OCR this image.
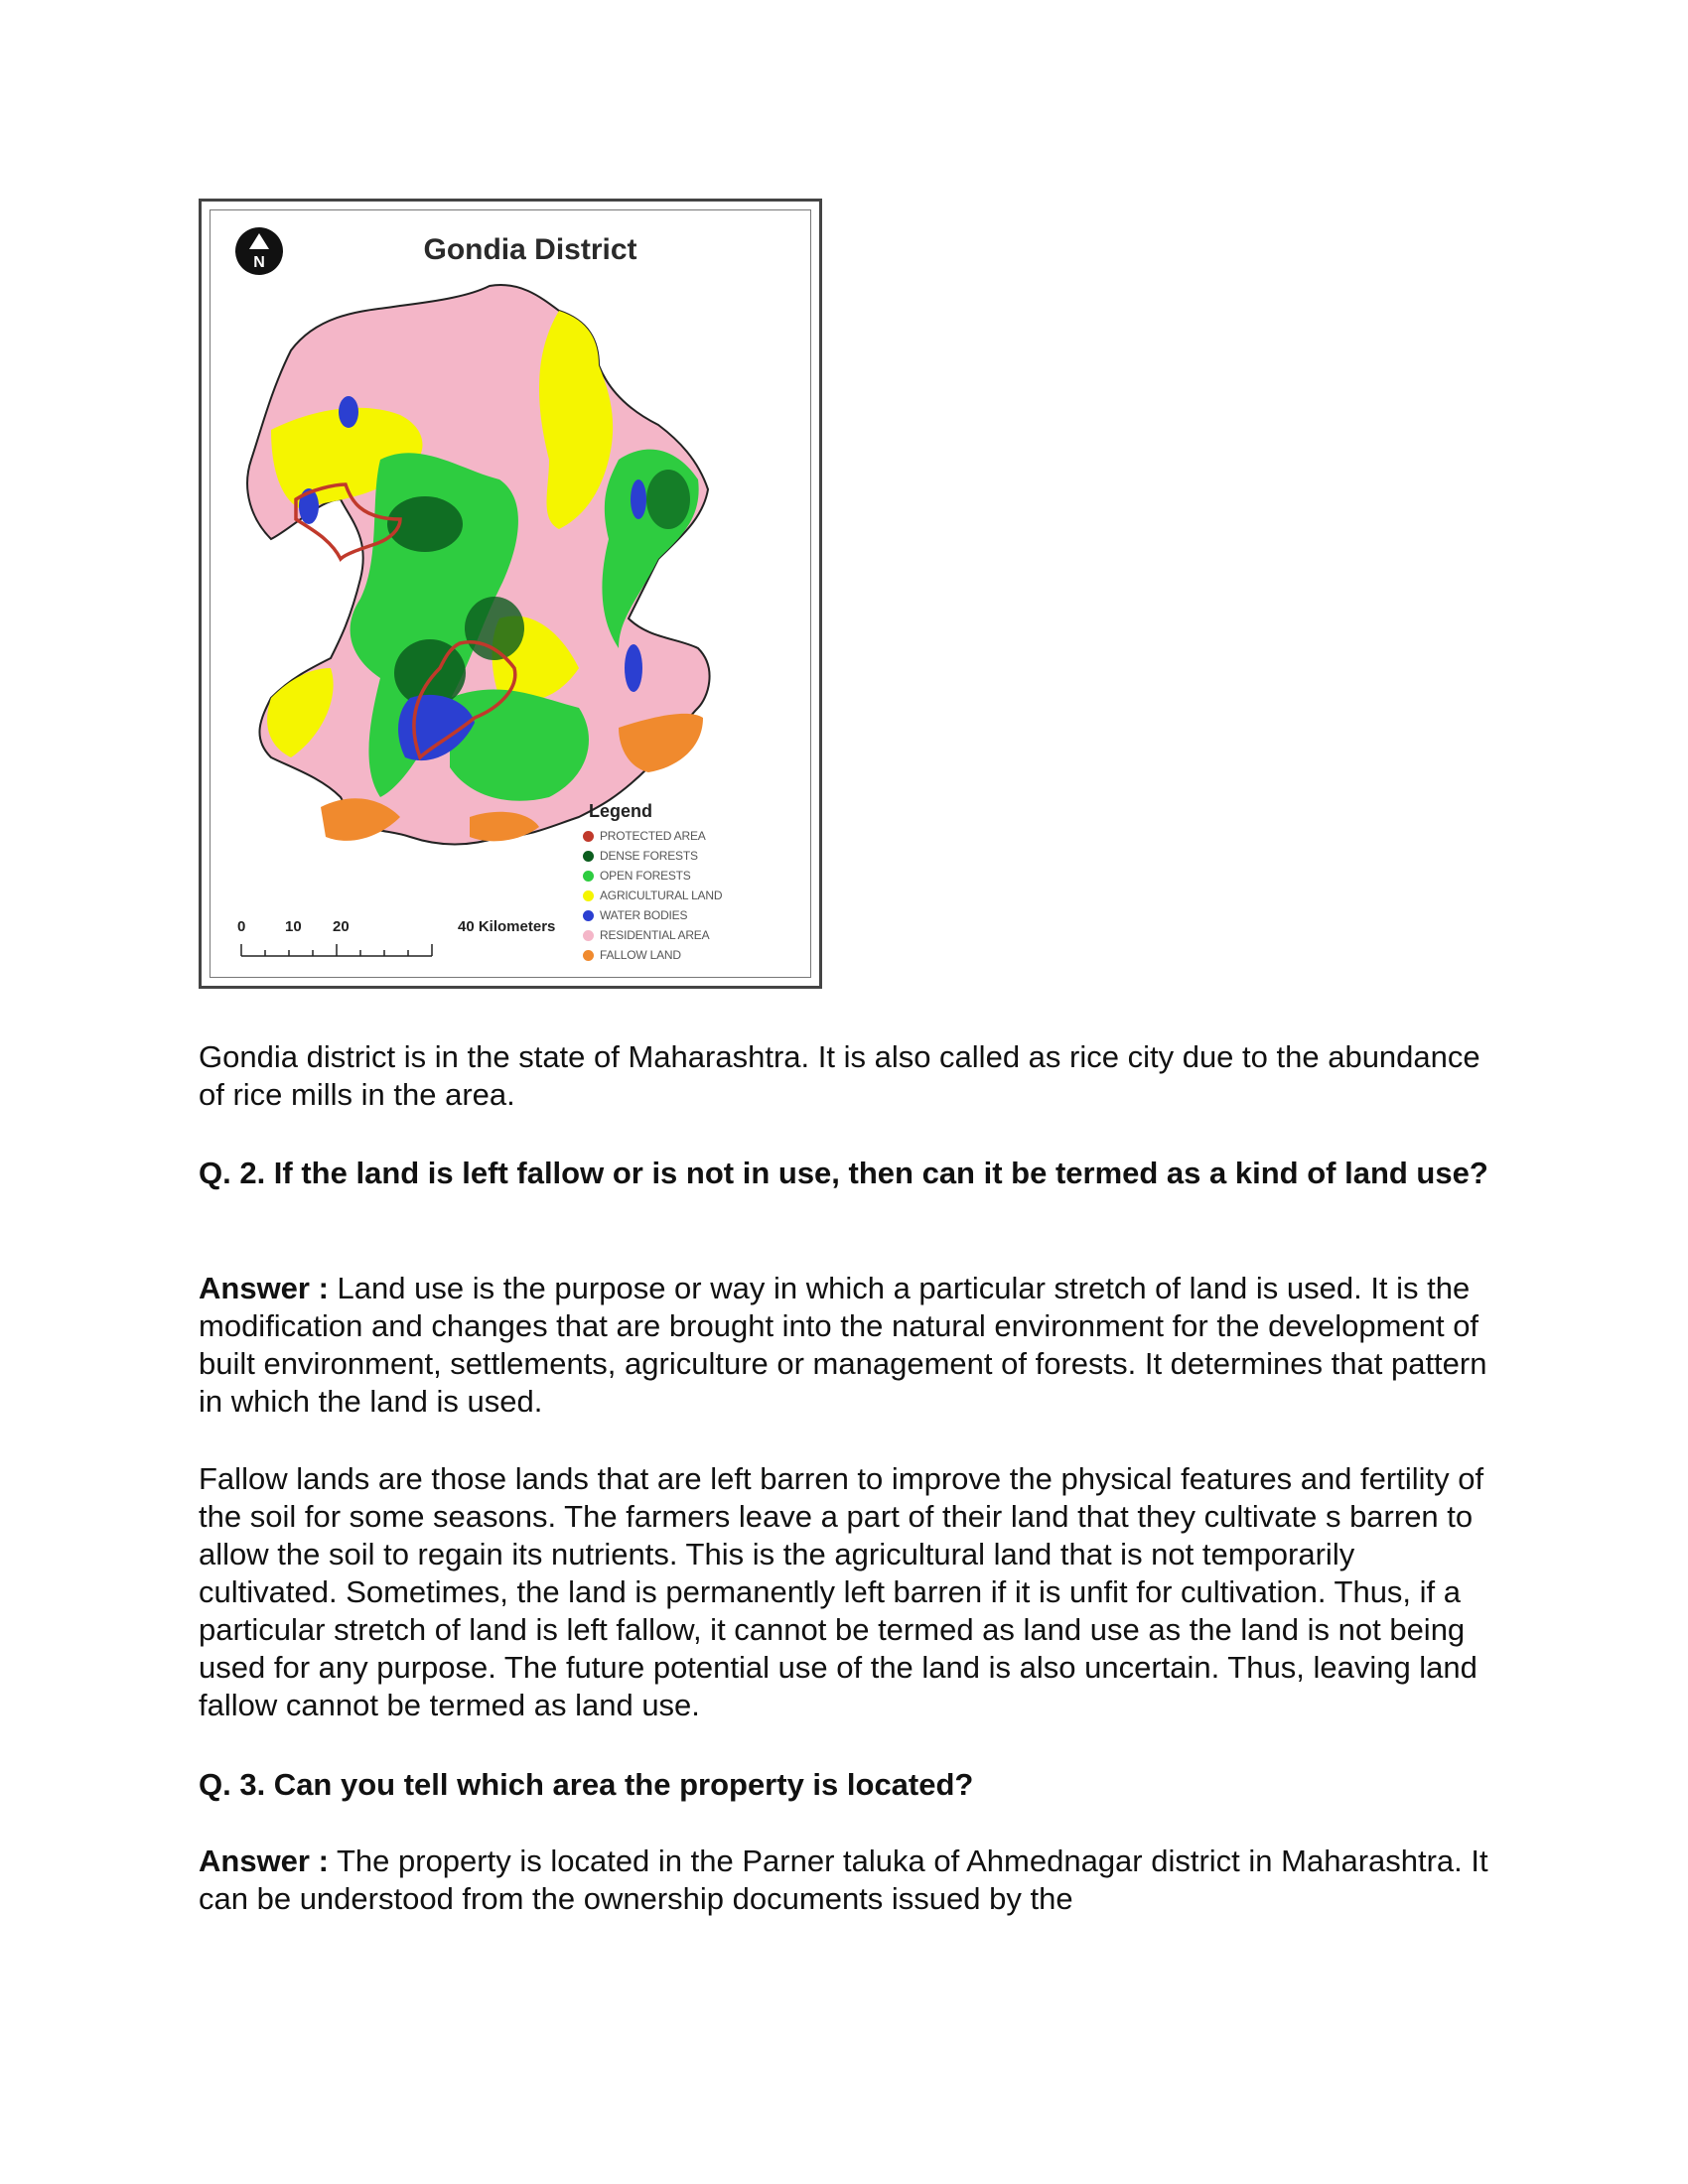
N	Gondia District
0	10 20	40 Kilometers
Legend
PROTECTED AREA
DENSE FORESTS
OPEN FORESTS
AGRICULTURAL LAND
WATER BODIES
RESIDENTIAL AREA
FALLOW LAND

Gondia district is in the state of Maharashtra. It is also called as rice city due to the abundance of rice mills in the area.

Q. 2. If the land is left fallow or is not in use, then can it be termed as a kind of land use?

Answer : Land use is the purpose or way in which a particular stretch of land is used. It is the modification and changes that are brought into the natural environment for the development of built environment, settlements, agriculture or management of forests. It determines that pattern in which the land is used.

Fallow lands are those lands that are left barren to improve the physical features and fertility of the soil for some seasons. The farmers leave a part of their land that they cultivate s barren to allow the soil to regain its nutrients. This is the agricultural land that is not temporarily cultivated. Sometimes, the land is permanently left barren if it is unfit for cultivation. Thus, if a particular stretch of land is left fallow, it cannot be termed as land use as the land is not being used for any purpose. The future potential use of the land is also uncertain. Thus, leaving land fallow cannot be termed as land use.

Q. 3. Can you tell which area the property is located?

Answer : The property is located in the Parner taluka of Ahmednagar district in Maharashtra. It can be understood from the ownership documents issued by the
